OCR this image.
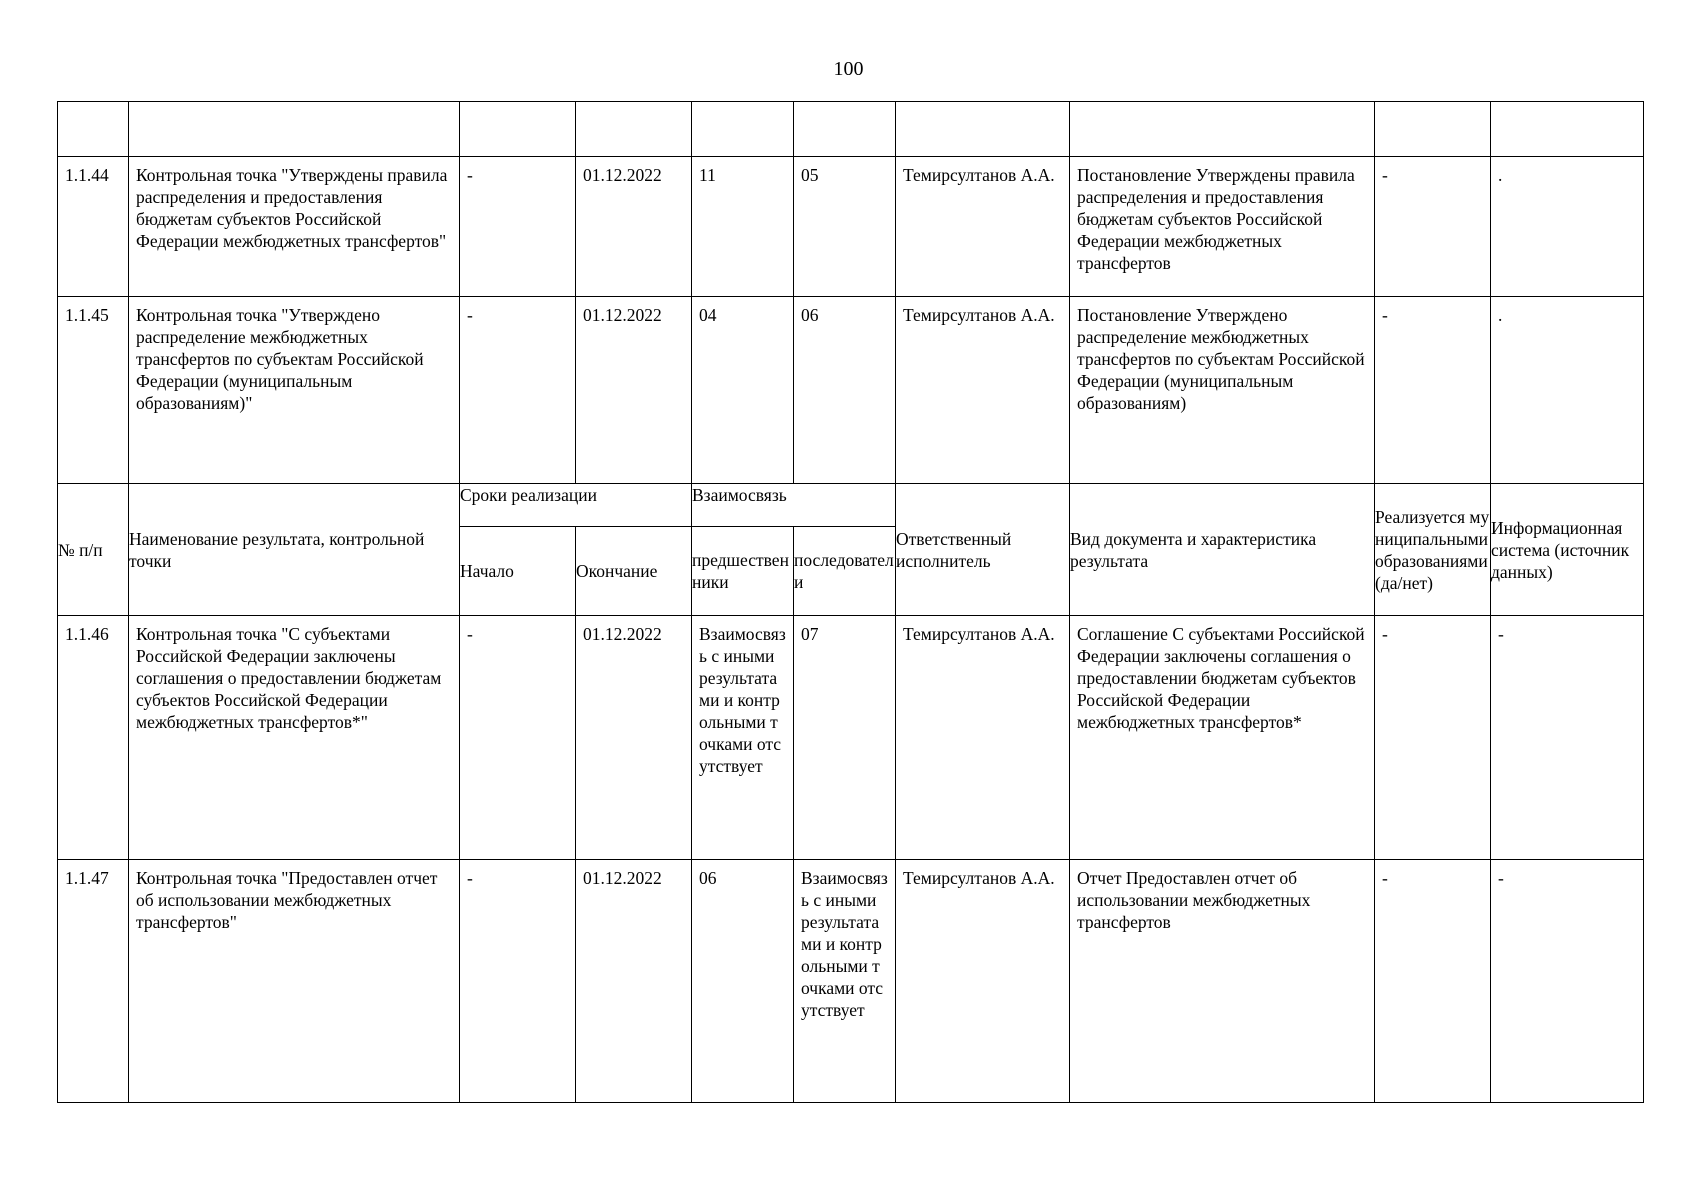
100

1.1.44	Контрольная точка "Утверждены правила распределения и предоставления бюджетам субъектов Российской Федерации межбюджетных трансфертов"	-	01.12.2022	11	05	Темирсултанов А.А.	Постановление Утверждены правила распределения и предоставления бюджетам субъектов Российской Федерации межбюджетных трансфертов	-	.
1.1.45	Контрольная точка "Утверждено распределение межбюджетных трансфертов по субъектам Российской Федерации (муниципальным образованиям)"	-	01.12.2022	04	06	Темирсултанов А.А.	Постановление Утверждено распределение межбюджетных трансфертов по субъектам Российской Федерации (муниципальным образованиям)	-	.
№ п/п	Наименование результата, контрольной точки	Сроки реализации		Взаимосвязь		Ответственный исполнитель	Вид документа и характеристика результата	Реализуется муниципальными образованиями (да/нет)	Информационная система (источник данных)
		Начало	Окончание	предшественники	последователи				
1.1.46	Контрольная точка "С субъектами Российской Федерации заключены соглашения о предоставлении бюджетам субъектов Российской Федерации межбюджетных трансфертов*"	-	01.12.2022	Взаимосвязь с иными результатами и контрольными точками отсутствует	07	Темирсултанов А.А.	Соглашение С субъектами Российской Федерации заключены соглашения о предоставлении бюджетам субъектов Российской Федерации межбюджетных трансфертов*	-	-
1.1.47	Контрольная точка "Предоставлен отчет об использовании межбюджетных трансфертов"	-	01.12.2022	06	Взаимосвязь с иными результатами и контрольными точками отсутствует	Темирсултанов А.А.	Отчет Предоставлен отчет об использовании межбюджетных трансфертов	-	-
